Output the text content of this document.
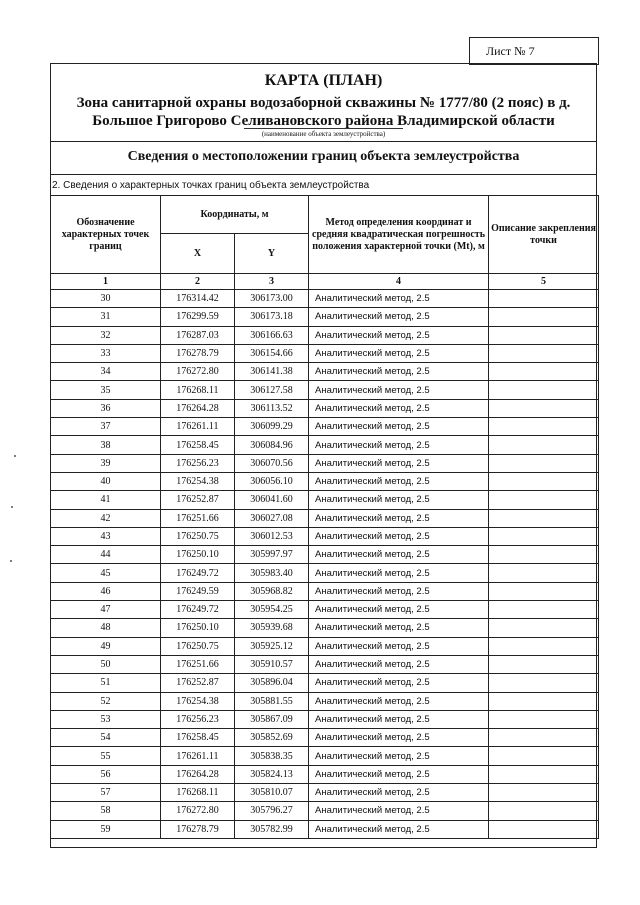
Лист № 7
КАРТА (ПЛАН)
Зона санитарной охраны водозаборной скважины № 1777/80 (2 пояс) в д.
Большое Григорово Селивановского района Владимирской области
(наименование объекта землеустройства)
Сведения о местоположении границ объекта землеустройства
2. Сведения о характерных точках границ объекта землеустройства
Обозначение характерных точек границ	Координаты, м		Метод определения координат и средняя квадратическая погрешность положения характерной точки (Mt), м	Описание закрепления точки
	X	Y		
1	2	3	4	5
30	176314.42	306173.00	Аналитический метод, 2.5	
31	176299.59	306173.18	Аналитический метод, 2.5	
32	176287.03	306166.63	Аналитический метод, 2.5	
33	176278.79	306154.66	Аналитический метод, 2.5	
34	176272.80	306141.38	Аналитический метод, 2.5	
35	176268.11	306127.58	Аналитический метод, 2.5	
36	176264.28	306113.52	Аналитический метод, 2.5	
37	176261.11	306099.29	Аналитический метод, 2.5	
38	176258.45	306084.96	Аналитический метод, 2.5	
39	176256.23	306070.56	Аналитический метод, 2.5	
40	176254.38	306056.10	Аналитический метод, 2.5	
41	176252.87	306041.60	Аналитический метод, 2.5	
42	176251.66	306027.08	Аналитический метод, 2.5	
43	176250.75	306012.53	Аналитический метод, 2.5	
44	176250.10	305997.97	Аналитический метод, 2.5	
45	176249.72	305983.40	Аналитический метод, 2.5	
46	176249.59	305968.82	Аналитический метод, 2.5	
47	176249.72	305954.25	Аналитический метод, 2.5	
48	176250.10	305939.68	Аналитический метод, 2.5	
49	176250.75	305925.12	Аналитический метод, 2.5	
50	176251.66	305910.57	Аналитический метод, 2.5	
51	176252.87	305896.04	Аналитический метод, 2.5	
52	176254.38	305881.55	Аналитический метод, 2.5	
53	176256.23	305867.09	Аналитический метод, 2.5	
54	176258.45	305852.69	Аналитический метод, 2.5	
55	176261.11	305838.35	Аналитический метод, 2.5	
56	176264.28	305824.13	Аналитический метод, 2.5	
57	176268.11	305810.07	Аналитический метод, 2.5	
58	176272.80	305796.27	Аналитический метод, 2.5	
59	176278.79	305782.99	Аналитический метод, 2.5	
